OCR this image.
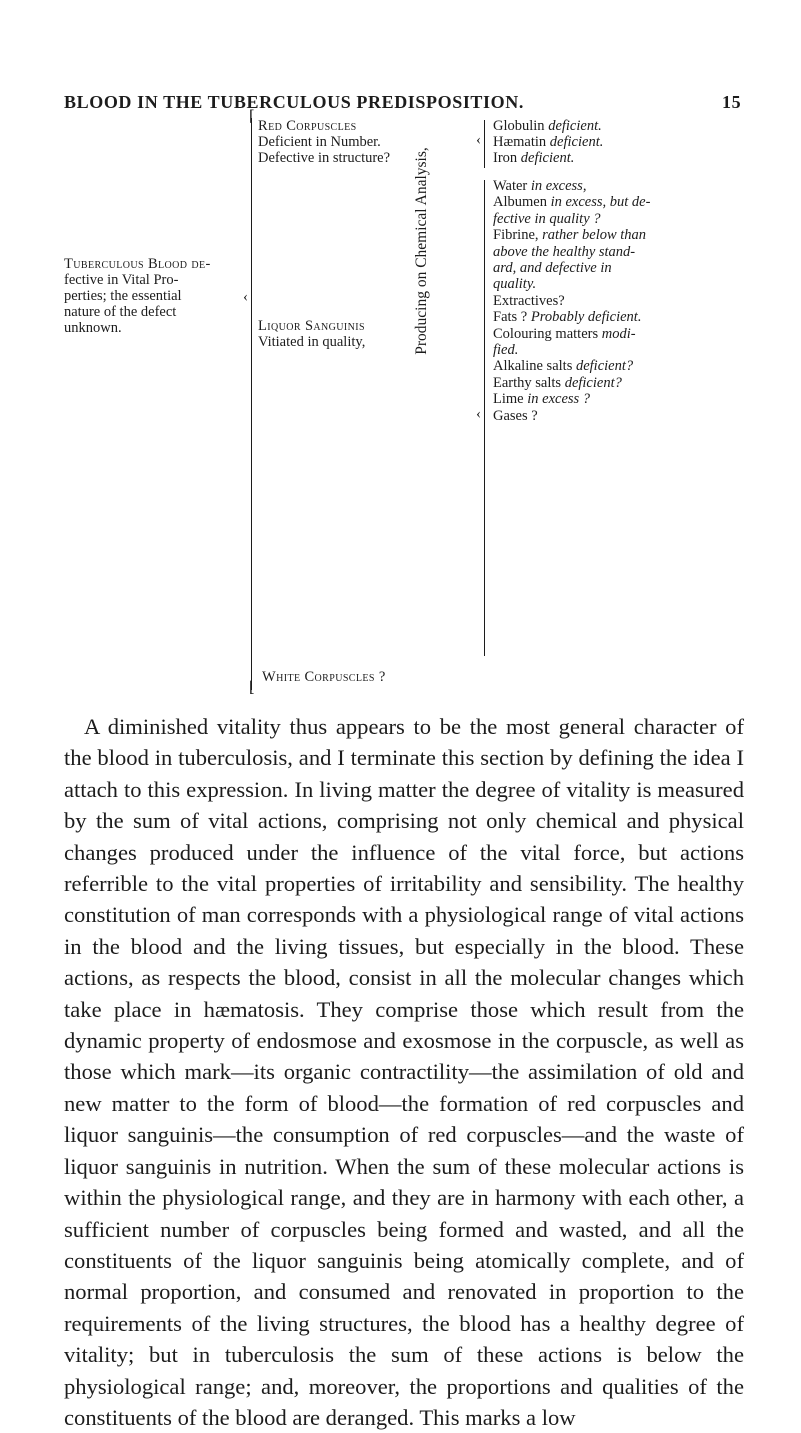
BLOOD IN THE TUBERCULOUS PREDISPOSITION.	15
Tuberculous Blood de-
fective in Vital Pro-
perties; the essential
nature of the defect
unknown.
‹
⌈
⌊
Red Corpuscles
Deficient in Number.
Defective in structure?
Liquor Sanguinis
Vitiated in quality,
White Corpuscles ?
Producing on Chemical Analysis,
‹
Globulin deficient.
Hæmatin deficient.
Iron deficient.
‹
Water in excess,
Albumen in excess, but de-
fective in quality ?
Fibrine, rather below than
above the healthy stand-
ard, and defective in
quality.
Extractives?
Fats ? Probably deficient.
Colouring matters modi-
fied.
Alkaline salts deficient?
Earthy salts deficient?
Lime in excess ?
Gases ?

A diminished vitality thus appears to be the most general character of the blood in tuberculosis, and I terminate this section by defining the idea I attach to this expression. In living matter the degree of vitality is measured by the sum of vital actions, comprising not only chemical and physical changes produced under the influence of the vital force, but actions referrible to the vital properties of irritability and sensibility. The healthy constitution of man corresponds with a physiological range of vital actions in the blood and the living tissues, but especially in the blood. These actions, as respects the blood, consist in all the molecular changes which take place in hæmatosis. They comprise those which result from the dynamic property of endosmose and exosmose in the corpuscle, as well as those which mark—its organic contractility—the assimilation of old and new matter to the form of blood—the formation of red corpuscles and liquor sanguinis—the consumption of red corpuscles—and the waste of liquor sanguinis in nutrition. When the sum of these molecular actions is within the physiological range, and they are in harmony with each other, a sufficient number of corpuscles being formed and wasted, and all the constituents of the liquor sanguinis being atomically complete, and of normal proportion, and consumed and renovated in proportion to the requirements of the living structures, the blood has a healthy degree of vitality; but in tuberculosis the sum of these actions is below the physiological range; and, moreover, the proportions and qualities of the constituents of the blood are deranged. This marks a low
